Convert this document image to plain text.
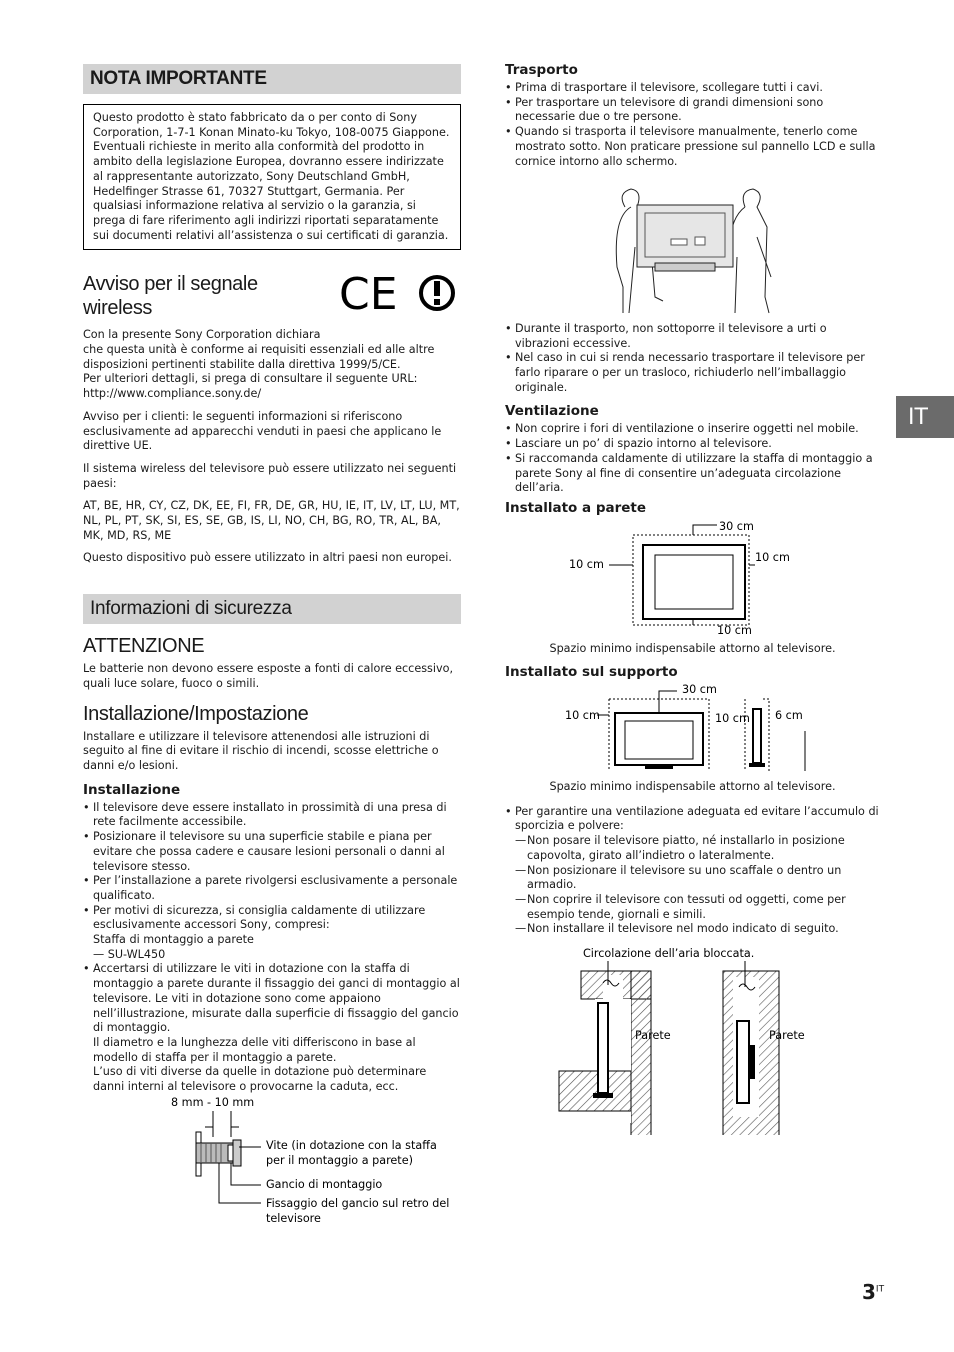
NOTA IMPORTANTE

Questo prodotto è stato fabbricato da o per conto di Sony Corporation, 1-7-1 Konan Minato-ku Tokyo, 108-0075 Giappone. Eventuali richieste in merito alla conformità del prodotto in ambito della legislazione Europea, dovranno essere indirizzate al rappresentante autorizzato, Sony Deutschland GmbH, Hedelfinger Strasse 61, 70327 Stuttgart, Germania. Per qualsiasi informazione relativa al servizio o la garanzia, si prega di fare riferimento agli indirizzi riportati separatamente sui documenti relativi all’assistenza o sui certificati di garanzia.

Avviso per il segnale
wireless	CE

Con la presente Sony Corporation dichiara
che questa unità è conforme ai requisiti essenziali ed alle altre disposizioni pertinenti stabilite dalla direttiva 1999/5/CE.
Per ulteriori dettagli, si prega di consultare il seguente URL:
http://www.compliance.sony.de/

Avviso per i clienti: le seguenti informazioni si riferiscono esclusivamente ad apparecchi venduti in paesi che applicano le direttive UE.

Il sistema wireless del televisore può essere utilizzato nei seguenti paesi:

AT, BE, HR, CY, CZ, DK, EE, FI, FR, DE, GR, HU, IE, IT, LV, LT, LU, MT, NL, PL, PT, SK, SI, ES, SE, GB, IS, LI, NO, CH, BG, RO, TR, AL, BA, MK, MD, RS, ME

Questo dispositivo può essere utilizzato in altri paesi non europei.

Informazioni di sicurezza
ATTENZIONE

Le batterie non devono essere esposte a fonti di calore eccessivo, quali luce solare, fuoco o simili.

Installazione/Impostazione

Installare e utilizzare il televisore attenendosi alle istruzioni di seguito al fine di evitare il rischio di incendi, scosse elettriche o danni e/o lesioni.

Installazione
• Il televisore deve essere installato in prossimità di una presa di rete facilmente accessibile.
• Posizionare il televisore su una superficie stabile e piana per evitare che possa cadere e causare lesioni personali o danni al televisore stesso.
• Per l’installazione a parete rivolgersi esclusivamente a personale qualificato.
• Per motivi di sicurezza, si consiglia caldamente di utilizzare esclusivamente accessori Sony, compresi:
Staffa di montaggio a parete
— SU-WL450
• Accertarsi di utilizzare le viti in dotazione con la staffa di montaggio a parete durante il fissaggio dei ganci di montaggio al televisore. Le viti in dotazione sono come appaiono nell’illustrazione, misurate dalla superficie di fissaggio del gancio di montaggio.
Il diametro e la lunghezza delle viti differiscono in base al modello di staffa per il montaggio a parete.
L’uso di viti diverse da quelle in dotazione può determinare danni interni al televisore o provocarne la caduta, ecc.
8 mm - 10 mm
Vite (in dotazione con la staffa
per il montaggio a parete)
Gancio di montaggio
Fissaggio del gancio sul retro del
televisore
Trasporto
• Prima di trasportare il televisore, scollegare tutti i cavi.
• Per trasportare un televisore di grandi dimensioni sono necessarie due o tre persone.
• Quando si trasporta il televisore manualmente, tenerlo come mostrato sotto. Non praticare pressione sul pannello LCD e sulla cornice intorno allo schermo.
• Durante il trasporto, non sottoporre il televisore a urti o vibrazioni eccessive.
• Nel caso in cui si renda necessario trasportare il televisore per farlo riparare o per un trasloco, richiuderlo nell’imballaggio originale.
Ventilazione
• Non coprire i fori di ventilazione o inserire oggetti nel mobile.
• Lasciare un po’ di spazio intorno al televisore.
• Si raccomanda caldamente di utilizzare la staffa di montaggio a parete Sony al fine di consentire un’adeguata circolazione dell’aria.
Installato a parete
30 cm
10 cm
10 cm
10 cm
Spazio minimo indispensabile attorno al televisore.
Installato sul supporto
30 cm
10 cm	10 cm 6 cm
Spazio minimo indispensabile attorno al televisore.
• Per garantire una ventilazione adeguata ed evitare l’accumulo di sporcizia e polvere:
— Non posare il televisore piatto, né installarlo in posizione capovolta, girato all’indietro o lateralmente.
— Non posizionare il televisore su uno scaffale o dentro un armadio.
— Non coprire il televisore con tessuti od oggetti, come per esempio tende, giornali e simili.
— Non installare il televisore nel modo indicato di seguito.
Circolazione dell’aria bloccata.
Parete	Parete
IT
$3^{IT}$
